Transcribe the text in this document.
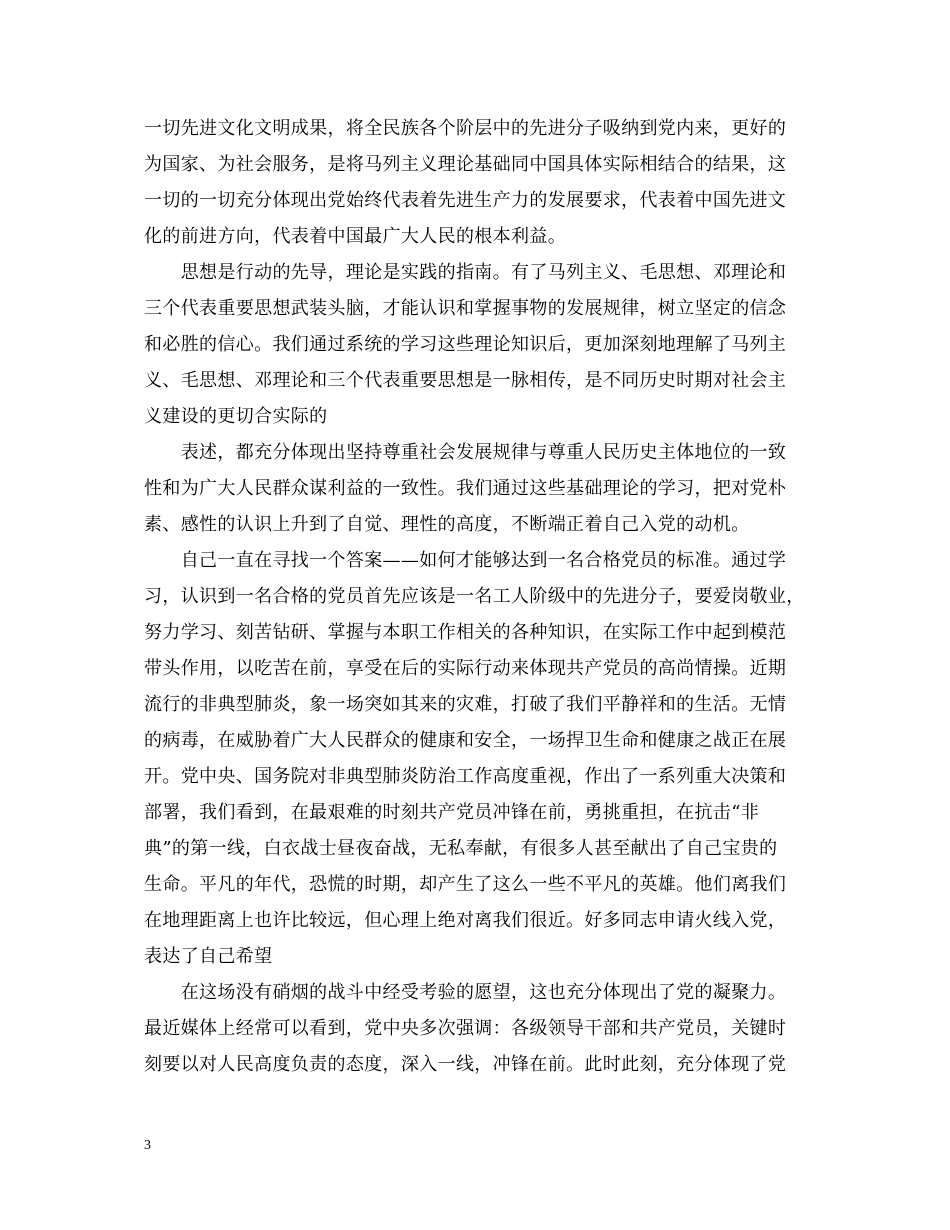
一切先进文化文明成果，将全民族各个阶层中的先进分子吸纳到党内来，更好的
为国家、为社会服务，是将马列主义理论基础同中国具体实际相结合的结果，这
一切的一切充分体现出党始终代表着先进生产力的发展要求，代表着中国先进文
化的前进方向，代表着中国最广大人民的根本利益。
　　思想是行动的先导，理论是实践的指南。有了马列主义、毛思想、邓理论和
三个代表重要思想武装头脑，才能认识和掌握事物的发展规律，树立坚定的信念
和必胜的信心。我们通过系统的学习这些理论知识后，更加深刻地理解了马列主
义、毛思想、邓理论和三个代表重要思想是一脉相传，是不同历史时期对社会主
义建设的更切合实际的
　　表述，都充分体现出坚持尊重社会发展规律与尊重人民历史主体地位的一致
性和为广大人民群众谋利益的一致性。我们通过这些基础理论的学习，把对党朴
素、感性的认识上升到了自觉、理性的高度，不断端正着自己入党的动机。
　　自己一直在寻找一个答案——如何才能够达到一名合格党员的标准。通过学
习，认识到一名合格的党员首先应该是一名工人阶级中的先进分子，要爱岗敬业，
努力学习、刻苦钻研、掌握与本职工作相关的各种知识，在实际工作中起到模范
带头作用，以吃苦在前，享受在后的实际行动来体现共产党员的高尚情操。近期
流行的非典型肺炎，象一场突如其来的灾难，打破了我们平静祥和的生活。无情
的病毒，在威胁着广大人民群众的健康和安全，一场捍卫生命和健康之战正在展
开。党中央、国务院对非典型肺炎防治工作高度重视，作出了一系列重大决策和
部署，我们看到，在最艰难的时刻共产党员冲锋在前，勇挑重担，在抗击“非
典”的第一线，白衣战士昼夜奋战，无私奉献，有很多人甚至献出了自己宝贵的
生命。平凡的年代，恐慌的时期，却产生了这么一些不平凡的英雄。他们离我们
在地理距离上也许比较远，但心理上绝对离我们很近。好多同志申请火线入党，
表达了自己希望
　　在这场没有硝烟的战斗中经受考验的愿望，这也充分体现出了党的凝聚力。
最近媒体上经常可以看到，党中央多次强调：各级领导干部和共产党员，关键时
刻要以对人民高度负责的态度，深入一线，冲锋在前。此时此刻，充分体现了党
3
